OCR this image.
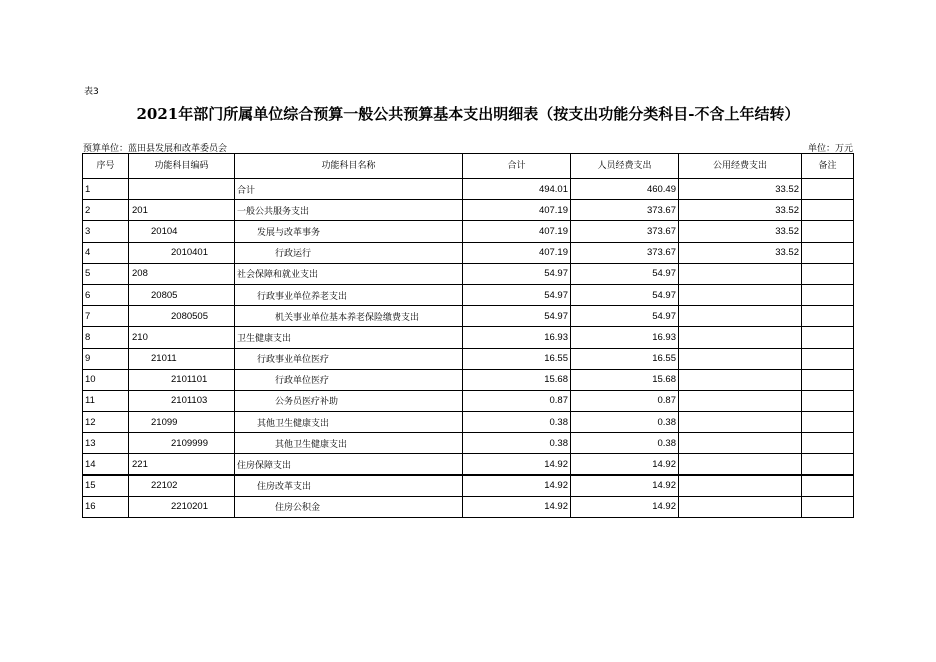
表3
2021年部门所属单位综合预算一般公共预算基本支出明细表（按支出功能分类科目-不含上年结转）
预算单位：蓝田县发展和改革委员会	单位：万元
序号	功能科目编码	功能科目名称	合计	人员经费支出	公用经费支出	备注
1		合计	494.01	460.49	33.52	
2	201	一般公共服务支出	407.19	373.67	33.52	
3	20104	发展与改革事务	407.19	373.67	33.52	
4	2010401	行政运行	407.19	373.67	33.52	
5	208	社会保障和就业支出	54.97	54.97		
6	20805	行政事业单位养老支出	54.97	54.97		
7	2080505	机关事业单位基本养老保险缴费支出	54.97	54.97		
8	210	卫生健康支出	16.93	16.93		
9	21011	行政事业单位医疗	16.55	16.55		
10	2101101	行政单位医疗	15.68	15.68		
11	2101103	公务员医疗补助	0.87	0.87		
12	21099	其他卫生健康支出	0.38	0.38		
13	2109999	其他卫生健康支出	0.38	0.38		
14	221	住房保障支出	14.92	14.92		
15	22102	住房改革支出	14.92	14.92		
16	2210201	住房公积金	14.92	14.92		
